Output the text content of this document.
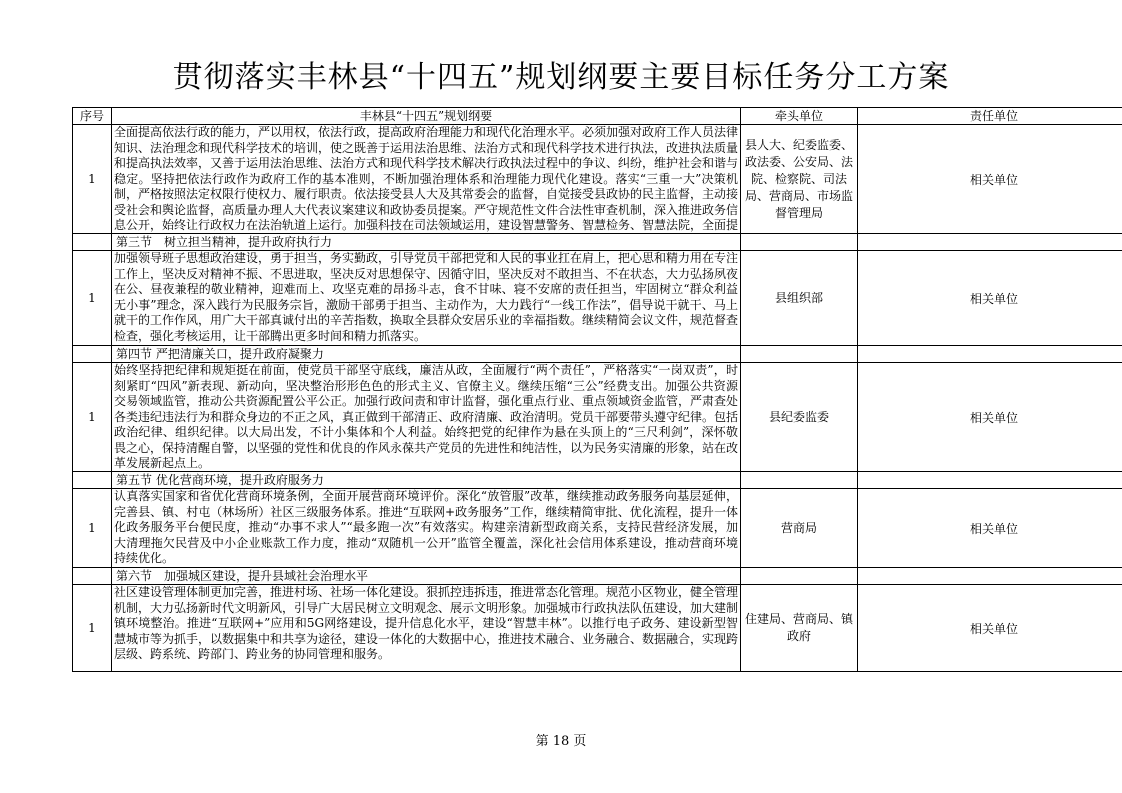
贯彻落实丰林县“十四五”规划纲要主要目标任务分工方案
序号	丰林县“十四五”规划纲要	牵头单位	责任单位
1	全面提高依法行政的能力，严以用权，依法行政，提高政府治理能力和现代化治理水平。必须加强对政府工作人员法律知识、法治理念和现代科学技术的培训，使之既善于运用法治思维、法治方式和现代科学技术进行执法，改进执法质量和提高执法效率，又善于运用法治思维、法治方式和现代科学技术解决行政执法过程中的争议、纠纷，维护社会和谐与稳定。坚持把依法行政作为政府工作的基本准则，不断加强治理体系和治理能力现代化建设。落实“三重一大”决策机制，严格按照法定权限行使权力、履行职责。依法接受县人大及其常委会的监督，自觉接受县政协的民主监督，主动接受社会和舆论监督，高质量办理人大代表议案建议和政协委员提案。严守规范性文件合法性审查机制，深入推进政务信息公开，始终让行政权力在法治轨道上运行。加强科技在司法领域运用，建设智慧警务、智慧检务、智慧法院，全面提	县人大、纪委监委、政法委、公安局、法院、检察院、司法局、营商局、市场监督管理局	相关单位
	第三节　树立担当精神，提升政府执行力		
1	加强领导班子思想政治建设，勇于担当，务实勤政，引导党员干部把党和人民的事业扛在肩上，把心思和精力用在专注工作上，坚决反对精神不振、不思进取，坚决反对思想保守、因循守旧，坚决反对不敢担当、不在状态，大力弘扬夙夜在公、昼夜兼程的敬业精神，迎难而上、攻坚克难的昂扬斗志，食不甘味、寝不安席的责任担当，牢固树立“群众利益无小事”理念，深入践行为民服务宗旨，激励干部勇于担当、主动作为，大力践行“一线工作法”，倡导说干就干、马上就干的工作作风，用广大干部真诚付出的辛苦指数，换取全县群众安居乐业的幸福指数。继续精简会议文件，规范督查检查，强化考核运用，让干部腾出更多时间和精力抓落实。	县组织部	相关单位
	第四节 严把清廉关口，提升政府凝聚力		
1	始终坚持把纪律和规矩挺在前面，使党员干部坚守底线，廉洁从政，全面履行“两个责任”，严格落实“一岗双责”，时刻紧盯“四风”新表现、新动向，坚决整治形形色色的形式主义、官僚主义。继续压缩“三公”经费支出。加强公共资源交易领域监管，推动公共资源配置公平公正。加强行政问责和审计监督，强化重点行业、重点领域资金监管，严肃查处各类违纪违法行为和群众身边的不正之风，真正做到干部清正、政府清廉、政治清明。党员干部要带头遵守纪律。包括政治纪律、组织纪律。以大局出发，不计小集体和个人利益。始终把党的纪律作为悬在头顶上的“三尺利剑”，深怀敬畏之心，保持清醒自警，以坚强的党性和优良的作风永葆共产党员的先进性和纯洁性，以为民务实清廉的形象，站在改革发展新起点上。	县纪委监委	相关单位
	第五节 优化营商环境，提升政府服务力		
1	认真落实国家和省优化营商环境条例，全面开展营商环境评价。深化“放管服”改革，继续推动政务服务向基层延伸，完善县、镇、村屯（林场所）社区三级服务体系。推进“互联网+政务服务”工作，继续精简审批、优化流程，提升一体化政务服务平台便民度，推动“办事不求人”“最多跑一次”有效落实。构建亲清新型政商关系，支持民营经济发展，加大清理拖欠民营及中小企业账款工作力度，推动“双随机一公开”监管全覆盖，深化社会信用体系建设，推动营商环境持续优化。	营商局	相关单位
	第六节　加强城区建设，提升县域社会治理水平		
1	社区建设管理体制更加完善，推进村场、社场一体化建设。狠抓控违拆违，推进常态化管理。规范小区物业，健全管理机制，大力弘扬新时代文明新风，引导广大居民树立文明观念、展示文明形象。加强城市行政执法队伍建设，加大建制镇环境整治。推进“互联网+”应用和5G网络建设，提升信息化水平，建设“智慧丰林”。以推行电子政务、建设新型智慧城市等为抓手，以数据集中和共享为途径，建设一体化的大数据中心，推进技术融合、业务融合、数据融合，实现跨层级、跨系统、跨部门、跨业务的协同管理和服务。	住建局、营商局、镇政府	相关单位
第 18 页
